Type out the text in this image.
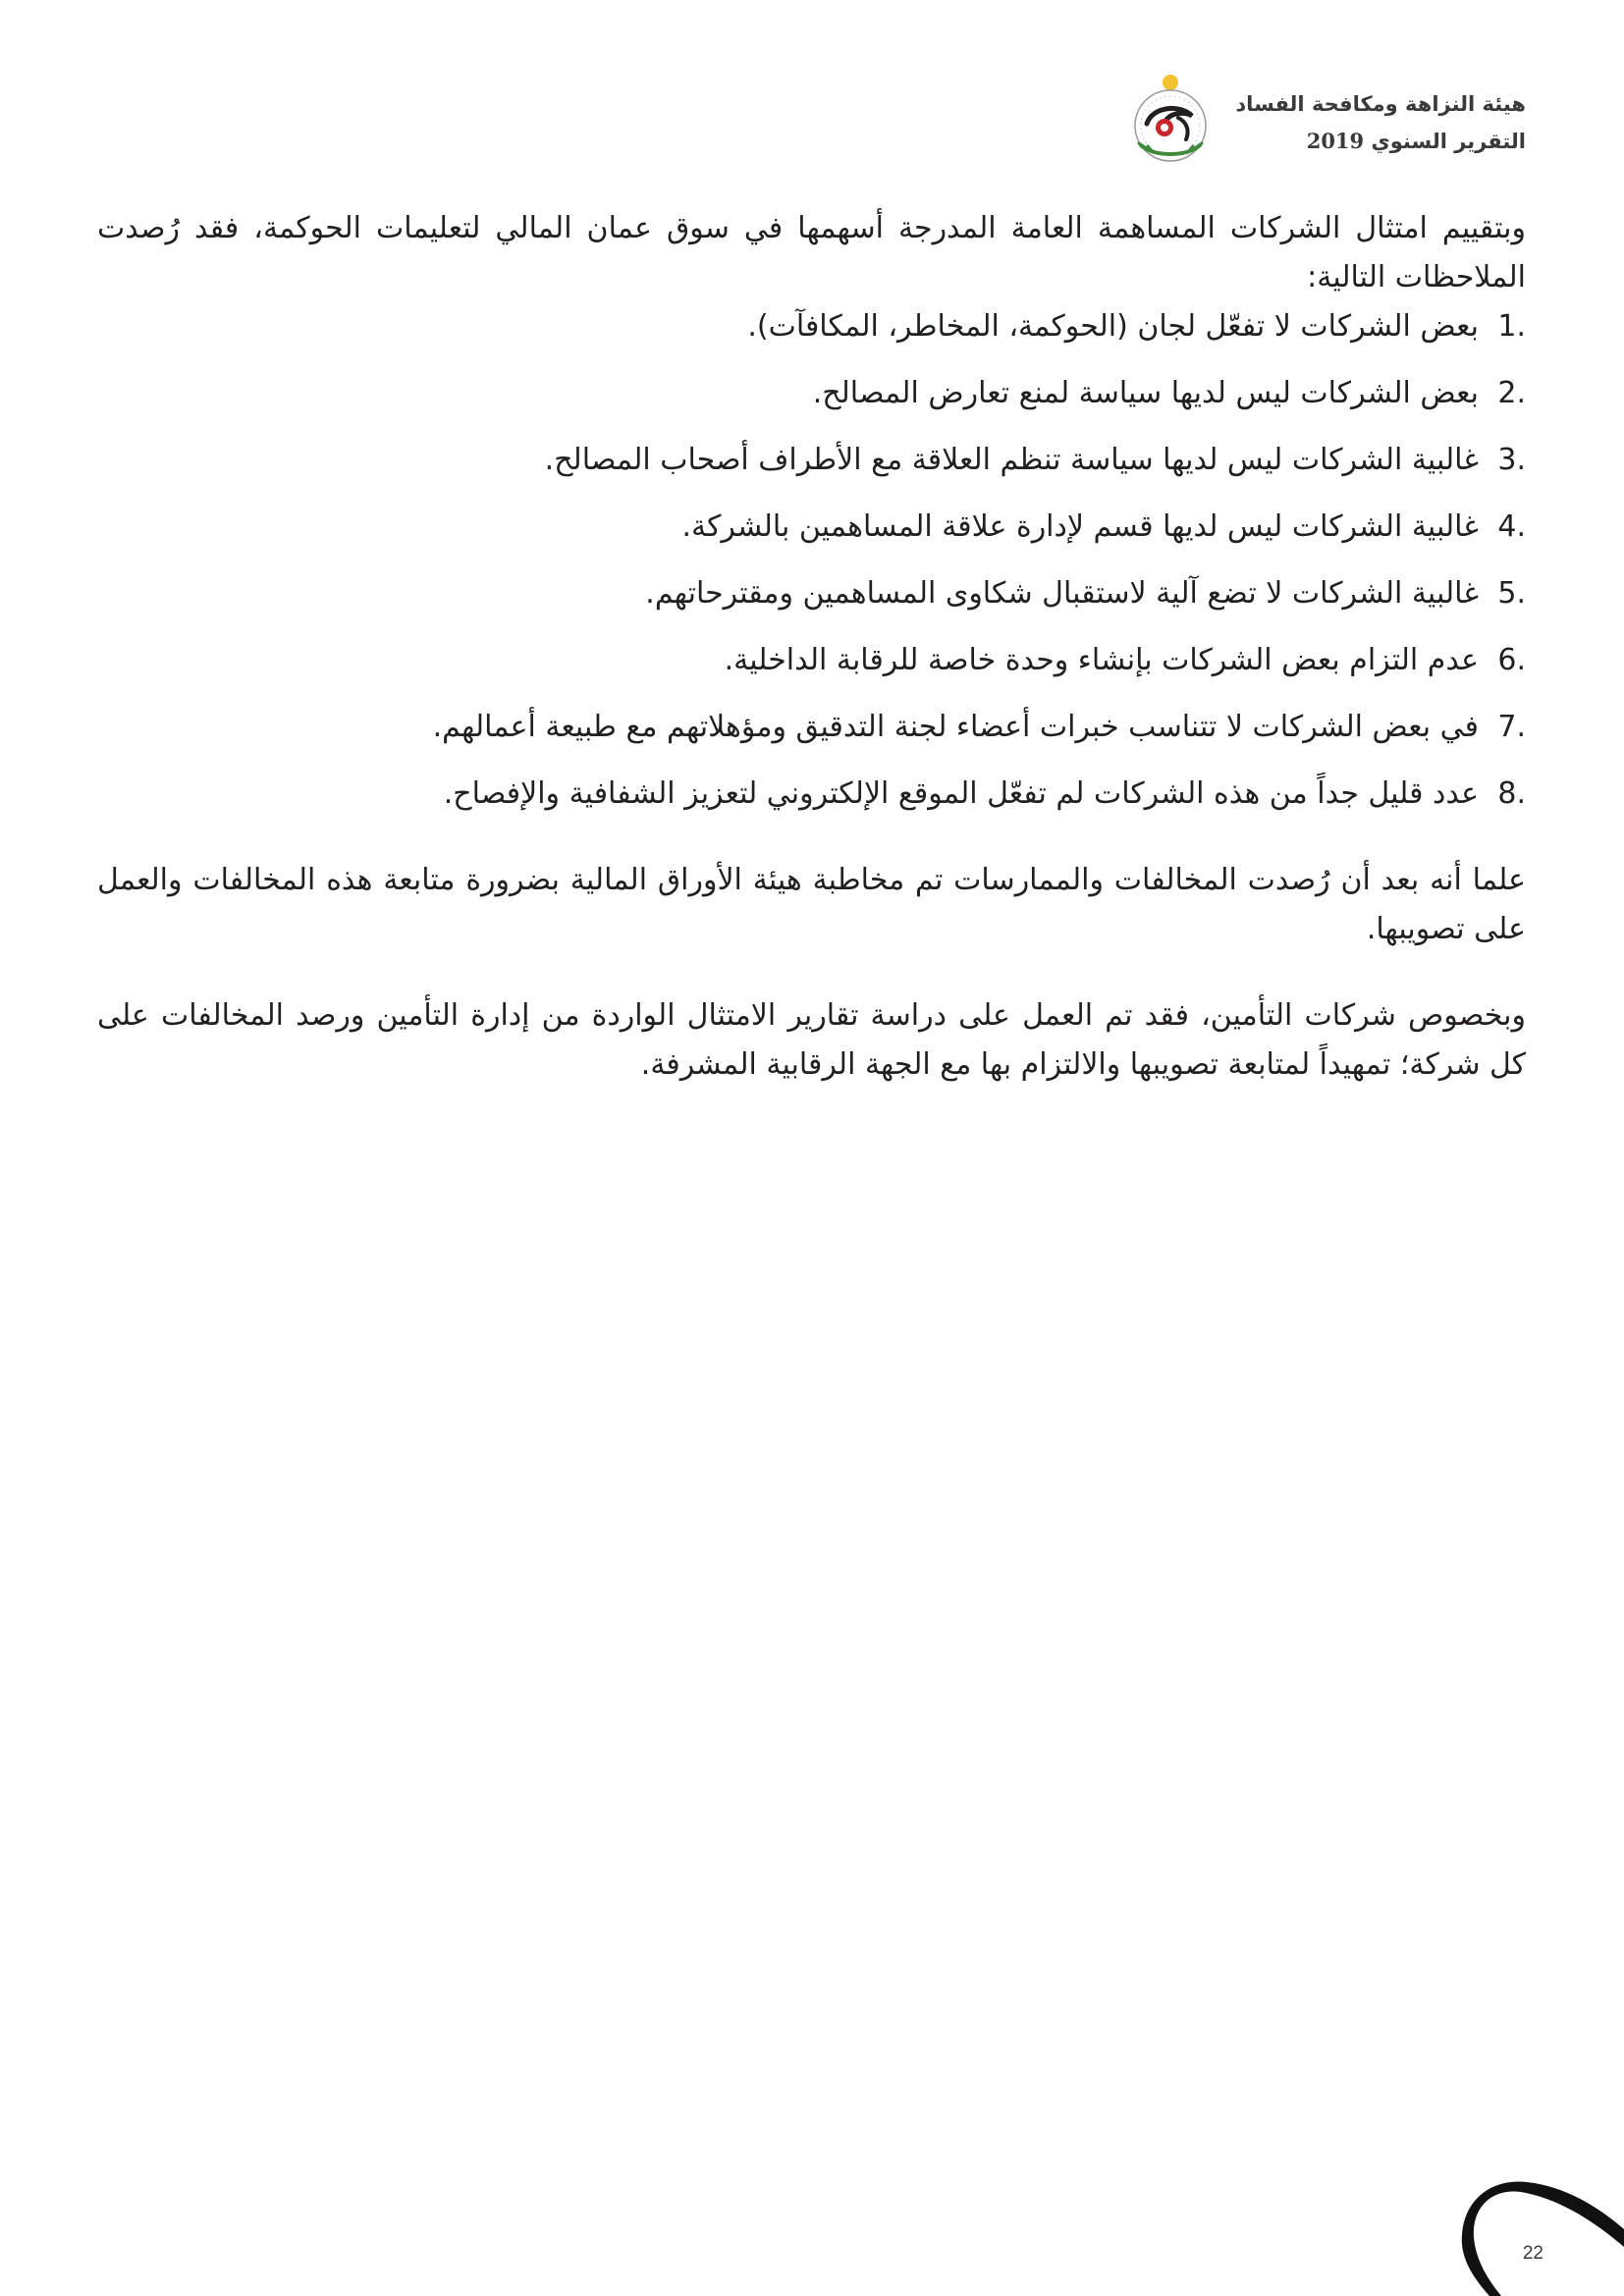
هيئة النزاهة ومكافحة الفساد
التقرير السنوي 2019

وبتقييم امتثال الشركات المساهمة العامة المدرجة أسهمها في سوق عمان المالي لتعليمات الحوكمة، فقد رُصدت الملاحظات التالية:

1.
بعض الشركات لا تفعّل لجان (الحوكمة، المخاطر، المكافآت).
2.
بعض الشركات ليس لديها سياسة لمنع تعارض المصالح.
3.
غالبية الشركات ليس لديها سياسة تنظم العلاقة مع الأطراف أصحاب المصالح.
4.
غالبية الشركات ليس لديها قسم لإدارة علاقة المساهمين بالشركة.
5.
غالبية الشركات لا تضع آلية لاستقبال شكاوى المساهمين ومقترحاتهم.
6.
عدم التزام بعض الشركات بإنشاء وحدة خاصة للرقابة الداخلية.
7.
في بعض الشركات لا تتناسب خبرات أعضاء لجنة التدقيق ومؤهلاتهم مع طبيعة أعمالهم.
8.
عدد قليل جداً من هذه الشركات لم تفعّل الموقع الإلكتروني لتعزيز الشفافية والإفصاح.

علما أنه بعد أن رُصدت المخالفات والممارسات تم مخاطبة هيئة الأوراق المالية بضرورة متابعة هذه المخالفات والعمل على تصويبها.

وبخصوص شركات التأمين، فقد تم العمل على دراسة تقارير الامتثال الواردة من إدارة التأمين ورصد المخالفات على كل شركة؛ تمهيداً لمتابعة تصويبها والالتزام بها مع الجهة الرقابية المشرفة.

22
